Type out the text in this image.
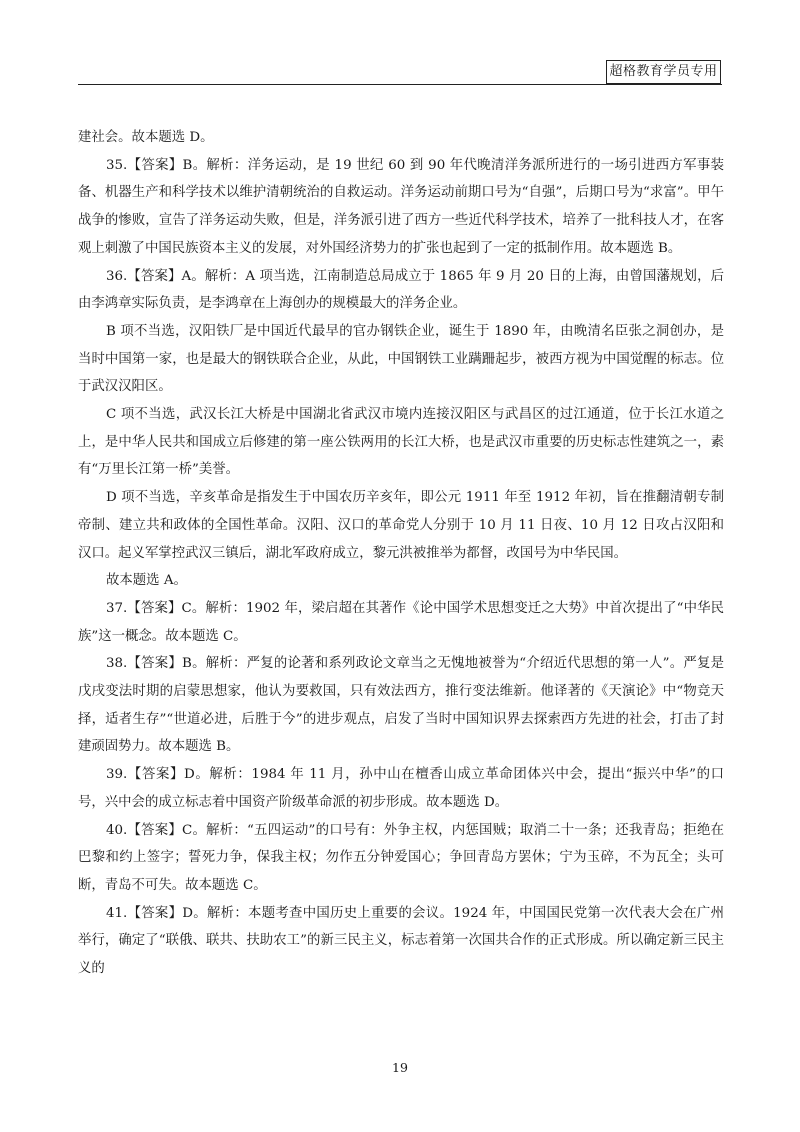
超格教育学员专用

建社会。故本题选 D。

35.【答案】B。解析：洋务运动，是 19 世纪 60 到 90 年代晚清洋务派所进行的一场引进西方军事装备、机器生产和科学技术以维护清朝统治的自救运动。洋务运动前期口号为“自强”，后期口号为“求富”。甲午战争的惨败，宣告了洋务运动失败，但是，洋务派引进了西方一些近代科学技术，培养了一批科技人才，在客观上刺激了中国民族资本主义的发展，对外国经济势力的扩张也起到了一定的抵制作用。故本题选 B。

36.【答案】A。解析：A 项当选，江南制造总局成立于 1865 年 9 月 20 日的上海，由曾国藩规划，后由李鸿章实际负责，是李鸿章在上海创办的规模最大的洋务企业。

B 项不当选，汉阳铁厂是中国近代最早的官办钢铁企业，诞生于 1890 年，由晚清名臣张之洞创办，是当时中国第一家，也是最大的钢铁联合企业，从此，中国钢铁工业蹒跚起步，被西方视为中国觉醒的标志。位于武汉汉阳区。

C 项不当选，武汉长江大桥是中国湖北省武汉市境内连接汉阳区与武昌区的过江通道，位于长江水道之上，是中华人民共和国成立后修建的第一座公铁两用的长江大桥，也是武汉市重要的历史标志性建筑之一，素有“万里长江第一桥”美誉。

D 项不当选，辛亥革命是指发生于中国农历辛亥年，即公元 1911 年至 1912 年初，旨在推翻清朝专制帝制、建立共和政体的全国性革命。汉阳、汉口的革命党人分别于 10 月 11 日夜、10 月 12 日攻占汉阳和汉口。起义军掌控武汉三镇后，湖北军政府成立，黎元洪被推举为都督，改国号为中华民国。

故本题选 A。

37.【答案】C。解析：1902 年，梁启超在其著作《论中国学术思想变迁之大势》中首次提出了“中华民族”这一概念。故本题选 C。

38.【答案】B。解析：严复的论著和系列政论文章当之无愧地被誉为“介绍近代思想的第一人”。严复是戊戌变法时期的启蒙思想家，他认为要救国，只有效法西方，推行变法维新。他译著的《天演论》中“物竞天择，适者生存”“世道必进，后胜于今”的进步观点，启发了当时中国知识界去探索西方先进的社会，打击了封建顽固势力。故本题选 B。

39.【答案】D。解析：1984 年 11 月，孙中山在檀香山成立革命团体兴中会，提出“振兴中华”的口号，兴中会的成立标志着中国资产阶级革命派的初步形成。故本题选 D。

40.【答案】C。解析：“五四运动”的口号有：外争主权，内惩国贼；取消二十一条；还我青岛；拒绝在巴黎和约上签字；誓死力争，保我主权；勿作五分钟爱国心；争回青岛方罢休；宁为玉碎，不为瓦全；头可断，青岛不可失。故本题选 C。

41.【答案】D。解析：本题考查中国历史上重要的会议。1924 年，中国国民党第一次代表大会在广州举行，确定了“联俄、联共、扶助农工”的新三民主义，标志着第一次国共合作的正式形成。所以确定新三民主义的

19
